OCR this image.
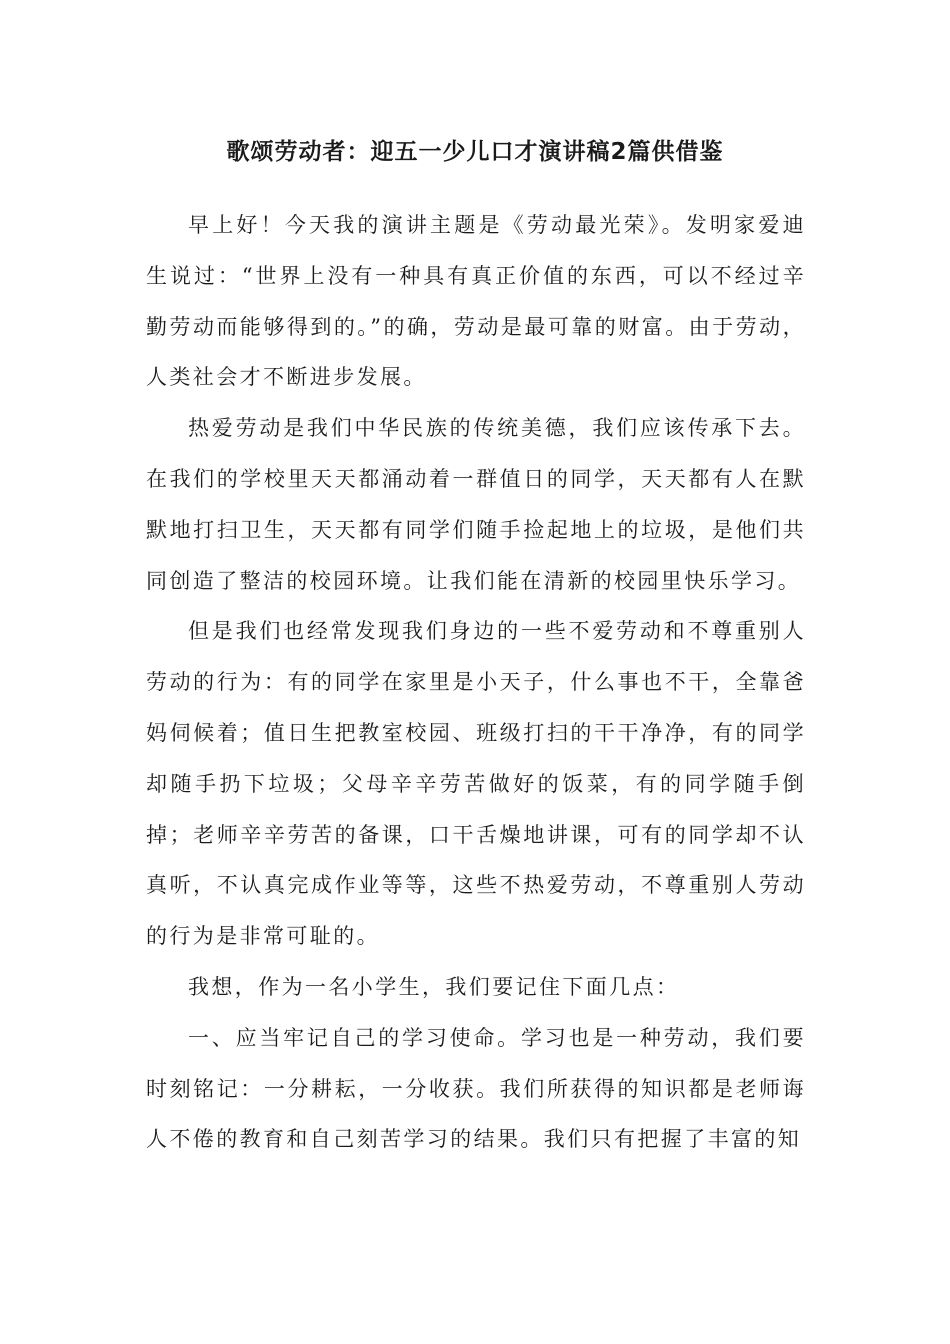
歌颂劳动者：迎五一少儿口才演讲稿2篇供借鉴

早上好！今天我的演讲主题是《劳动最光荣》。发明家爱迪生说过：“世界上没有一种具有真正价值的东西，可以不经过辛勤劳动而能够得到的。”的确，劳动是最可靠的财富。由于劳动，人类社会才不断进步发展。

热爱劳动是我们中华民族的传统美德，我们应该传承下去。在我们的学校里天天都涌动着一群值日的同学，天天都有人在默默地打扫卫生，天天都有同学们随手捡起地上的垃圾，是他们共同创造了整洁的校园环境。让我们能在清新的校园里快乐学习。

但是我们也经常发现我们身边的一些不爱劳动和不尊重别人劳动的行为：有的同学在家里是小天子，什么事也不干，全靠爸妈伺候着；值日生把教室校园、班级打扫的干干净净，有的同学却随手扔下垃圾；父母辛辛劳苦做好的饭菜，有的同学随手倒掉；老师辛辛劳苦的备课，口干舌燥地讲课，可有的同学却不认真听，不认真完成作业等等，这些不热爱劳动，不尊重别人劳动的行为是非常可耻的。

我想，作为一名小学生，我们要记住下面几点：

一、应当牢记自己的学习使命。学习也是一种劳动，我们要时刻铭记：一分耕耘，一分收获。我们所获得的知识都是老师诲人不倦的教育和自己刻苦学习的结果。我们只有把握了丰富的知
